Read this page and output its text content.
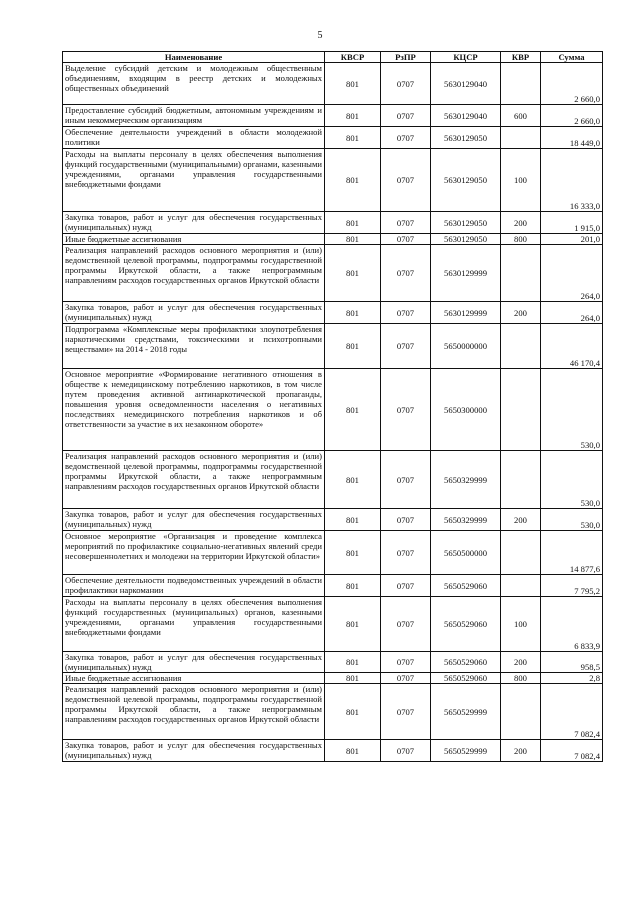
5
Наименование	КВСР	РзПР	КЦСР	КВР	Сумма
Выделение субсидий детским и молодежным общественным объединениям, входящим в реестр детских и молодежных общественных объединений	801	0707	5630129040		2 660,0
Предоставление субсидий бюджетным, автономным учреждениям и иным некоммерческим организациям	801	0707	5630129040	600	2 660,0
Обеспечение деятельности учреждений в области молодежной политики	801	0707	5630129050		18 449,0
Расходы на выплаты персоналу в целях обеспечения выполнения функций государственными (муниципальными) органами, казенными учреждениями, органами управления государственными внебюджетными фондами	801	0707	5630129050	100	16 333,0
Закупка товаров, работ и услуг для обеспечения государственных (муниципальных) нужд	801	0707	5630129050	200	1 915,0
Иные бюджетные ассигнования	801	0707	5630129050	800	201,0
Реализация направлений расходов основного мероприятия и (или) ведомственной целевой программы, подпрограммы государственной программы Иркутской области, а также непрограммным направлениям расходов государственных органов Иркутской области	801	0707	5630129999		264,0
Закупка товаров, работ и услуг для обеспечения государственных (муниципальных) нужд	801	0707	5630129999	200	264,0
Подпрограмма «Комплексные меры профилактики злоупотребления наркотическими средствами, токсическими и психотропными веществами» на 2014 - 2018 годы	801	0707	5650000000		46 170,4
Основное мероприятие «Формирование негативного отношения в обществе к немедицинскому потреблению наркотиков, в том числе путем проведения активной антинаркотической пропаганды, повышения уровня осведомленности населения о негативных последствиях немедицинского потребления наркотиков и об ответственности за участие в их незаконном обороте»	801	0707	5650300000		530,0
Реализация направлений расходов основного мероприятия и (или) ведомственной целевой программы, подпрограммы государственной программы Иркутской области, а также непрограммным направлениям расходов государственных органов Иркутской области	801	0707	5650329999		530,0
Закупка товаров, работ и услуг для обеспечения государственных (муниципальных) нужд	801	0707	5650329999	200	530,0
Основное мероприятие «Организация и проведение комплекса мероприятий по профилактике социально-негативных явлений среди несовершеннолетних и молодежи на территории Иркутской области»	801	0707	5650500000		14 877,6
Обеспечение деятельности подведомственных учреждений в области профилактики наркомании	801	0707	5650529060		7 795,2
Расходы на выплаты персоналу в целях обеспечения выполнения функций государственных (муниципальных) органов, казенными учреждениями, органами управления государственными внебюджетными фондами	801	0707	5650529060	100	6 833,9
Закупка товаров, работ и услуг для обеспечения государственных (муниципальных) нужд	801	0707	5650529060	200	958,5
Иные бюджетные ассигнования	801	0707	5650529060	800	2,8
Реализация направлений расходов основного мероприятия и (или) ведомственной целевой программы, подпрограммы государственной программы Иркутской области, а также непрограммным направлениям расходов государственных органов Иркутской области	801	0707	5650529999		7 082,4
Закупка товаров, работ и услуг для обеспечения государственных (муниципальных) нужд	801	0707	5650529999	200	7 082,4
